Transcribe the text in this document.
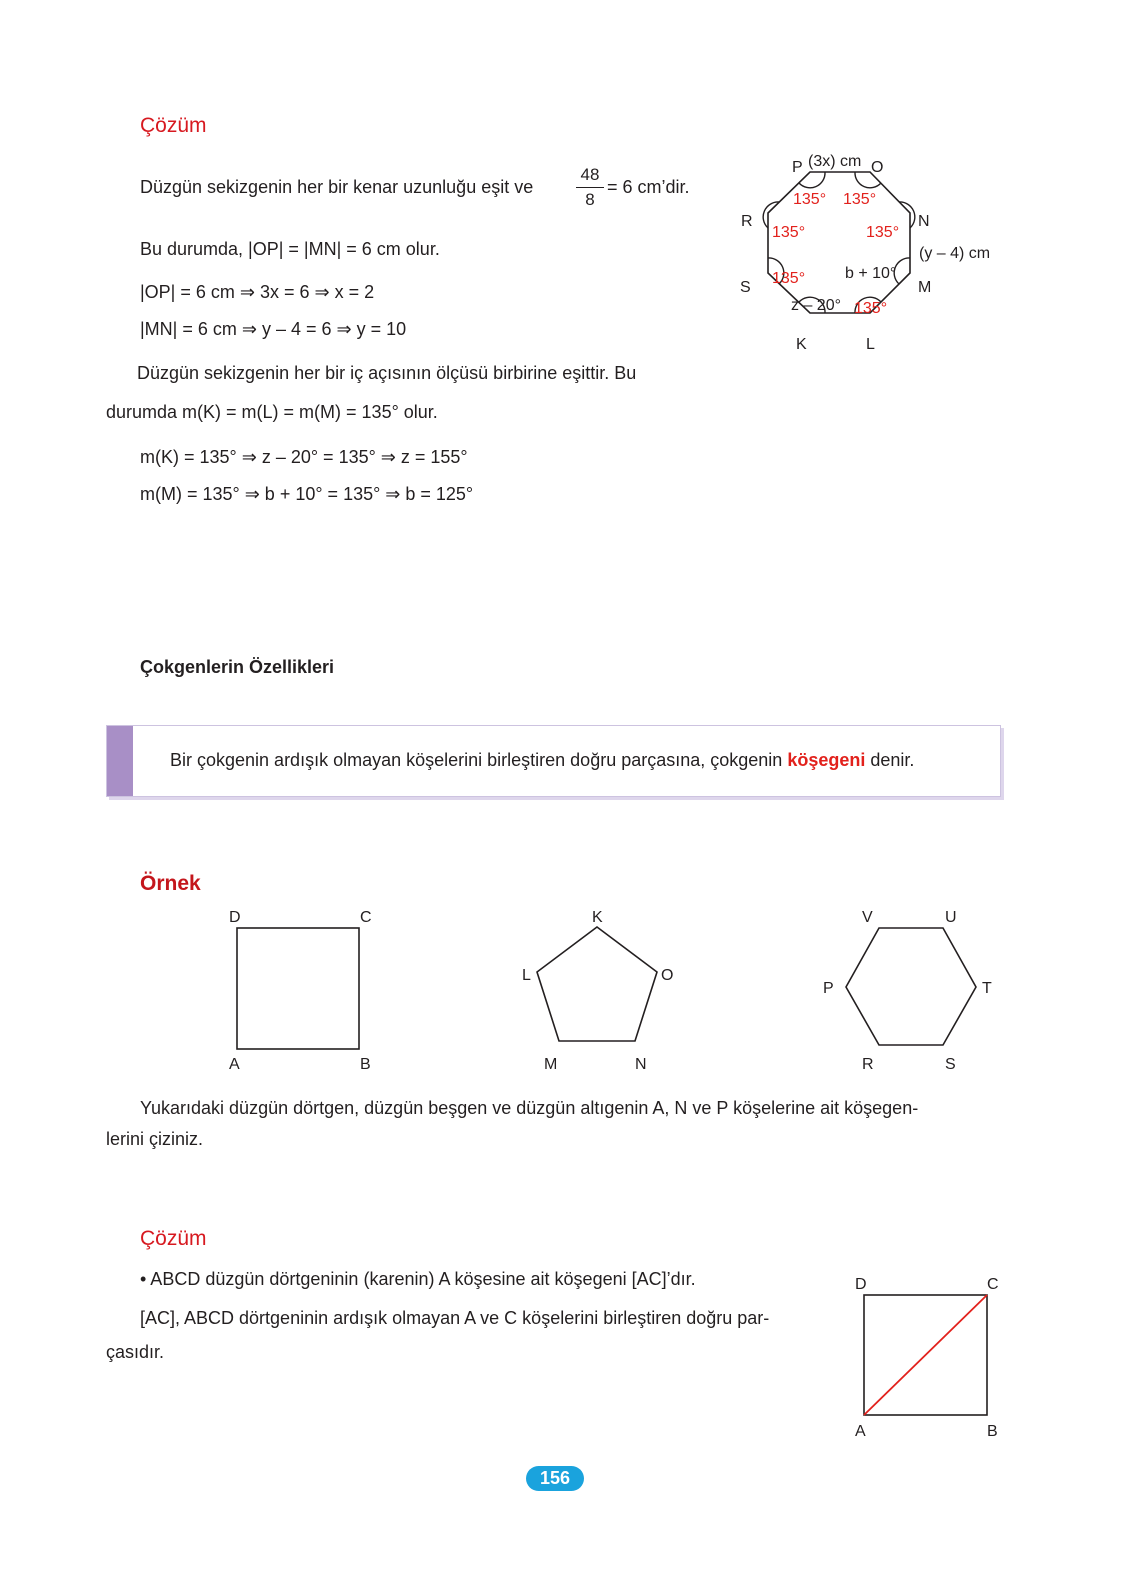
Çözüm
Düzgün sekizgenin her bir kenar uzunluğu eşit ve
48
8
= 6 cm’dir.
Bu durumda, |OP| = |MN| = 6 cm olur.
|OP| = 6 cm ⇒ 3x = 6 ⇒ x = 2
|MN| = 6 cm ⇒ y – 4 = 6 ⇒ y = 10
Düzgün sekizgenin her bir iç açısının ölçüsü birbirine eşittir. Bu
durumda m(K) = m(L) = m(M) = 135° olur.
m(K) = 135° ⇒ z – 20° = 135° ⇒ z = 155°
m(M) = 135° ⇒ b + 10° = 135° ⇒ b = 125°
P	O
N
M
L
K
S
R
(3x) cm
(y – 4) cm
b + 10°
z – 20°
135° 135°
135°	135°
135°
135°
Çokgenlerin Özellikleri
Bir çokgenin ardışık olmayan köşelerini birleştiren doğru parçasına, çokgenin köşegeni denir.
Örnek
D	C
A	B
K
L	O
M	N
V	U
P	T
R	S
Yukarıdaki düzgün dörtgen, düzgün beşgen ve düzgün altıgenin A, N ve P köşelerine ait köşegen-
lerini çiziniz.
Çözüm
• ABCD düzgün dörtgeninin (karenin) A köşesine ait köşegeni [AC]’dır.
[AC], ABCD dörtgeninin ardışık olmayan A ve C köşelerini birleştiren doğru par-
çasıdır.
D	C
A	B
156
